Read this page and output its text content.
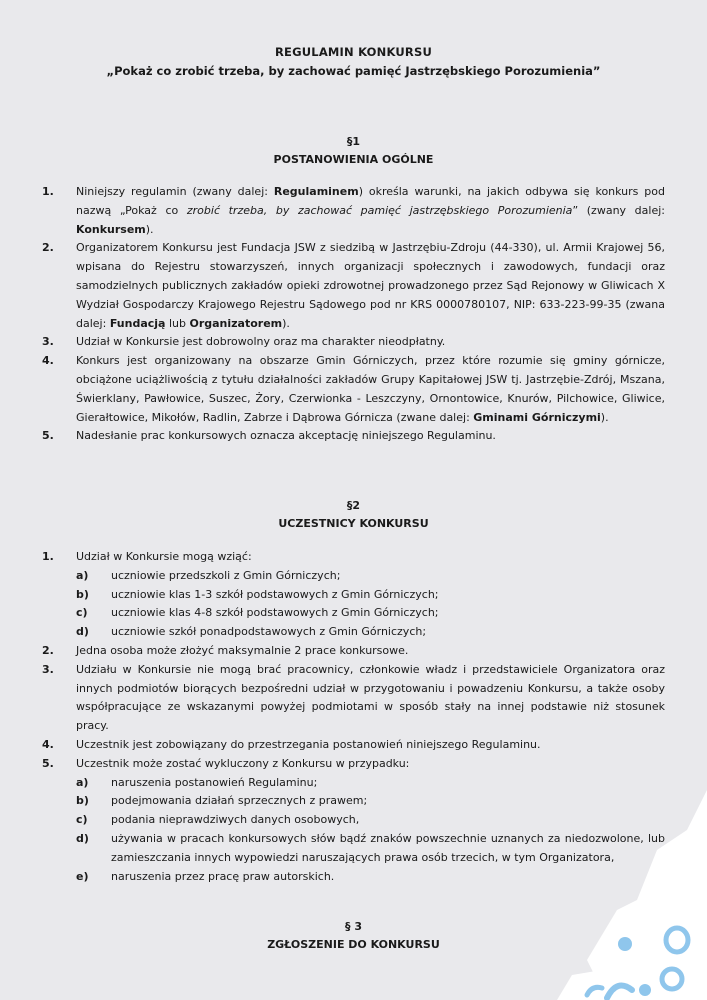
REGULAMIN KONKURSU
„Pokaż co zrobić trzeba, by zachować pamięć Jastrzębskiego Porozumienia”
§1
POSTANOWIENIA OGÓLNE
1. Niniejszy regulamin (zwany dalej: Regulaminem) określa warunki, na jakich odbywa się konkurs pod nazwą „Pokaż co zrobić trzeba, by zachować pamięć jastrzębskiego Porozumienia” (zwany dalej: Konkursem).
2. Organizatorem Konkursu jest Fundacja JSW z siedzibą w Jastrzębiu-Zdroju (44-330), ul. Armii Krajowej 56, wpisana do Rejestru stowarzyszeń, innych organizacji społecznych i zawodowych, fundacji oraz samodzielnych publicznych zakładów opieki zdrowotnej prowadzonego przez Sąd Rejonowy w Gliwicach X Wydział Gospodarczy Krajowego Rejestru Sądowego pod nr KRS 0000780107, NIP: 633-223-99-35 (zwana dalej: Fundacją lub Organizatorem).
3. Udział w Konkursie jest dobrowolny oraz ma charakter nieodpłatny.
4. Konkurs jest organizowany na obszarze Gmin Górniczych, przez które rozumie się gminy górnicze, obciążone uciążliwością z tytułu działalności zakładów Grupy Kapitałowej JSW tj. Jastrzębie-Zdrój, Mszana, Świerklany, Pawłowice, Suszec, Żory, Czerwionka - Leszczyny, Ornontowice, Knurów, Pilchowice, Gliwice, Gierałtowice, Mikołów, Radlin, Zabrze i Dąbrowa Górnicza (zwane dalej: Gminami Górniczymi).
5. Nadesłanie prac konkursowych oznacza akceptację niniejszego Regulaminu.
§2
UCZESTNICY KONKURSU
1. Udział w Konkursie mogą wziąć:
a) uczniowie przedszkoli z Gmin Górniczych;
b) uczniowie klas 1-3 szkół podstawowych z Gmin Górniczych;
c) uczniowie klas 4-8 szkół podstawowych z Gmin Górniczych;
d) uczniowie szkół ponadpodstawowych z Gmin Górniczych;
2. Jedna osoba może złożyć maksymalnie 2 prace konkursowe.
3. Udziału w Konkursie nie mogą brać pracownicy, członkowie władz i przedstawiciele Organizatora oraz innych podmiotów biorących bezpośredni udział w przygotowaniu i powadzeniu Konkursu, a także osoby współpracujące ze wskazanymi powyżej podmiotami w sposób stały na innej podstawie niż stosunek pracy.
4. Uczestnik jest zobowiązany do przestrzegania postanowień niniejszego Regulaminu.
5. Uczestnik może zostać wykluczony z Konkursu w przypadku:
a) naruszenia postanowień Regulaminu;
b) podejmowania działań sprzecznych z prawem;
c) podania nieprawdziwych danych osobowych,
d) używania w pracach konkursowych słów bądź znaków powszechnie uznanych za niedozwolone, lub zamieszczania innych wypowiedzi naruszających prawa osób trzecich, w tym Organizatora,
e) naruszenia przez pracę praw autorskich.
§ 3
ZGŁOSZENIE DO KONKURSU
